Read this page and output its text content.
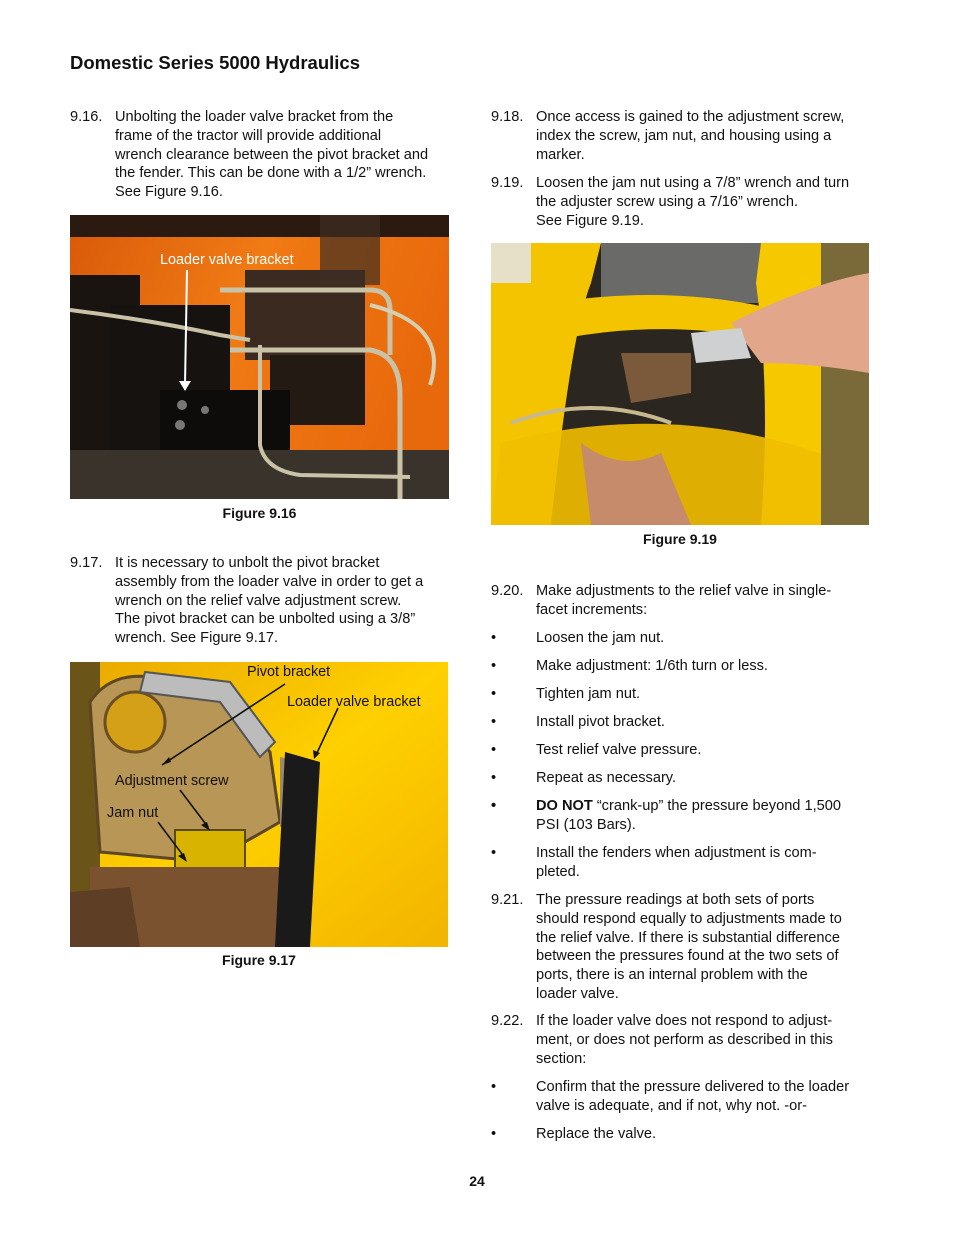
Domestic Series 5000 Hydraulics
9.16. Unbolting the loader valve bracket from the
frame of the tractor will provide additional
wrench clearance between the pivot bracket and
the fender. This can be done with a 1/2” wrench.
See Figure 9.16.
Loader valve bracket
Figure 9.16
9.17. It is necessary to unbolt the pivot bracket
assembly from the loader valve in order to get a
wrench on the relief valve adjustment screw.
The pivot bracket can be unbolted using a 3/8”
wrench. See Figure 9.17.
Pivot bracket
Loader valve bracket
Adjustment screw
Jam nut
Figure 9.17
9.18. Once access is gained to the adjustment screw,
index the screw, jam nut, and housing using a
marker.
9.19. Loosen the jam nut using a 7/8” wrench and turn
the adjuster screw using a 7/16” wrench.
See Figure 9.19.
Figure 9.19
9.20. Make adjustments to the relief valve in single-
facet increments:
•	Loosen the jam nut.
•	Make adjustment: 1/6th turn or less.
•	Tighten jam nut.
•	Install pivot bracket.
•	Test relief valve pressure.
•	Repeat as necessary.
•	DO NOT “crank-up” the pressure beyond 1,500
PSI (103 Bars).
•	Install the fenders when adjustment is com-
pleted.
9.21. The pressure readings at both sets of ports
should respond equally to adjustments made to
the relief valve. If there is substantial difference
between the pressures found at the two sets of
ports, there is an internal problem with the
loader valve.
9.22. If the loader valve does not respond to adjust-
ment, or does not perform as described in this
section:
•	Confirm that the pressure delivered to the loader
valve is adequate, and if not, why not. -or-
•	Replace the valve.
24
